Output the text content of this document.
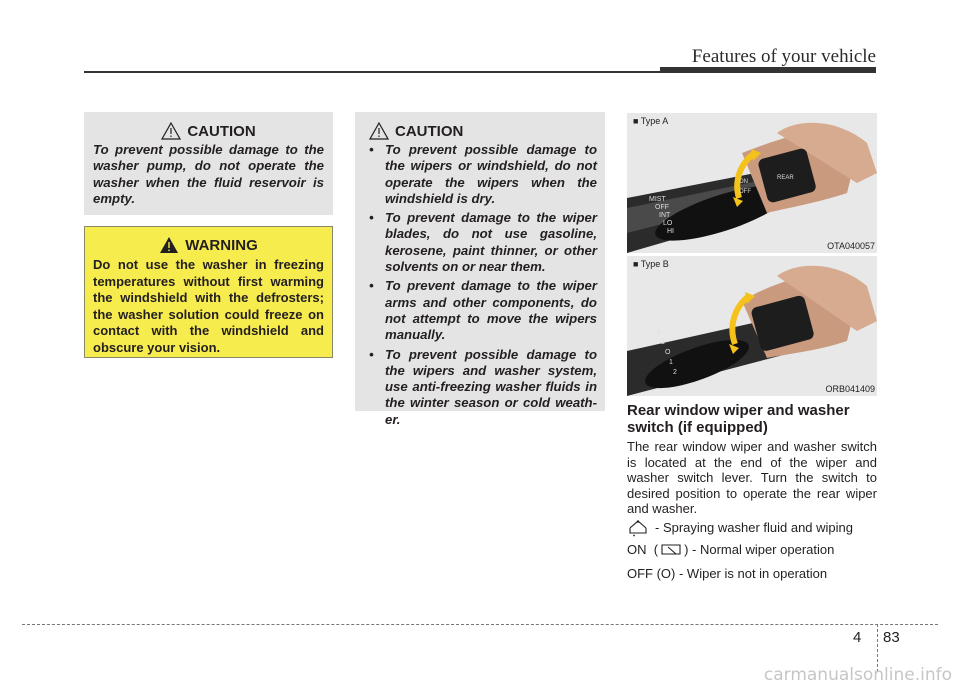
Features of your vehicle
CAUTION

To prevent possible damage to the washer pump, do not operate the washer when the fluid reservoir is empty.

WARNING

Do not use the washer in freezing temperatures without first warming the windshield with the defrosters; the washer solution could freeze on contact with the windshield and obscure your vision.

CAUTION
• To prevent possible damage to the wipers or windshield, do not operate the wipers when the windshield is dry.
• To prevent damage to the wiper blades, do not use gasoline, kerosene, paint thinner, or other solvents on or near them.
• To prevent damage to the wiper arms and other components, do not attempt to move the wipers manually.
• To prevent possible damage to the wipers and washer system, use anti-freezing washer fluids in the winter season or cold weath-er.
MIST
OFF
INT
LO
HI
ON
OFF
REAR
■ Type A
OTA040057
2
1
O
1
2
■ Type B
ORB041409
Rear window wiper and washer switch (if equipped)

The rear window wiper and washer switch is located at the end of the wiper and washer switch lever. Turn the switch to desired position to operate the rear wiper and washer.

- Spraying washer fluid and wiping
ON  ( ) - Normal wiper operation
OFF (O) - Wiper is not in operation
4 83
carmanualsonline.info
